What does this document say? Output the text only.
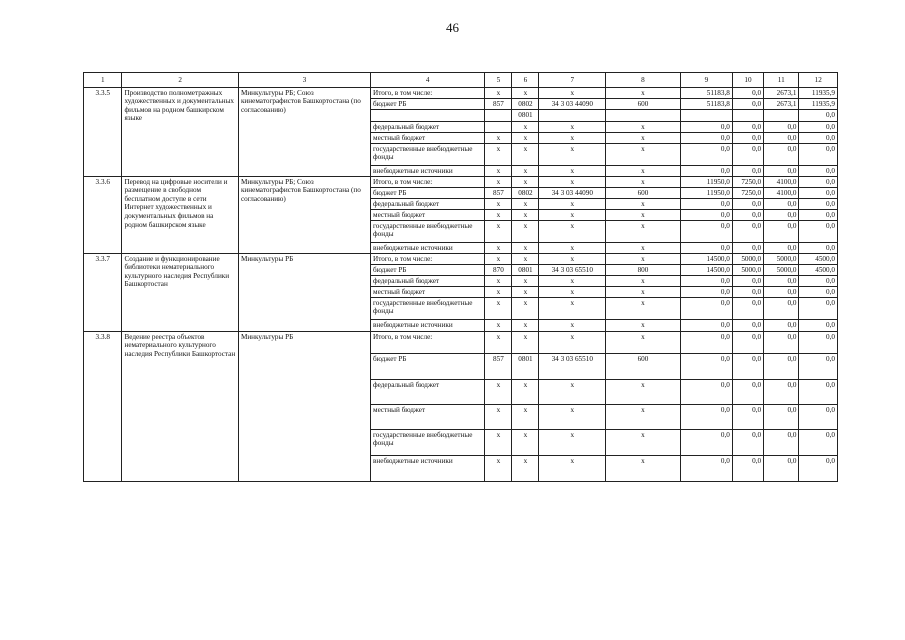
46
1	2	3	4	5	6	7	8	9	10	11	12
3.3.5	Производство полнометражных художественных и документальных фильмов на родном башкирском языке	Минкультуры РБ; Союз кинематографистов Башкортостана (по согласованию)	Итого, в том числе:	х	х	х	х	51183,8	0,0	2673,1	11935,9
			бюджет РБ	857	0802	34 3 03 44090	600	51183,8	0,0	2673,1	11935,9
					0801						0,0
			федеральный бюджет		х	х	х	0,0	0,0	0,0	0,0
			местный бюджет	х	х	х	х	0,0	0,0	0,0	0,0
			государственные внебюджетные фонды	х	х	х	х	0,0	0,0	0,0	0,0
			внебюджетные источники	х	х	х	х	0,0	0,0	0,0	0,0
3.3.6	Перевод на цифровые носители и размещение в свободном бесплатном доступе в сети Интернет художественных и документальных фильмов на родном башкирском языке	Минкультуры РБ; Союз кинематографистов Башкортостана (по согласованию)	Итого, в том числе:	х	х	х	х	11950,0	7250,0	4100,0	0,0
			бюджет РБ	857	0802	34 3 03 44090	600	11950,0	7250,0	4100,0	0,0
			федеральный бюджет	х	х	х	х	0,0	0,0	0,0	0,0
			местный бюджет	х	х	х	х	0,0	0,0	0,0	0,0
			государственные внебюджетные фонды	х	х	х	х	0,0	0,0	0,0	0,0
			внебюджетные источники	х	х	х	х	0,0	0,0	0,0	0,0
3.3.7	Создание и функционирование библиотеки нематериального культурного наследия Республики Башкортостан	Минкультуры РБ	Итого, в том числе:	х	х	х	х	14500,0	5000,0	5000,0	4500,0
			бюджет РБ	870	0801	34 3 03 65510	800	14500,0	5000,0	5000,0	4500,0
			федеральный бюджет	х	х	х	х	0,0	0,0	0,0	0,0
			местный бюджет	х	х	х	х	0,0	0,0	0,0	0,0
			государственные внебюджетные фонды	х	х	х	х	0,0	0,0	0,0	0,0
			внебюджетные источники	х	х	х	х	0,0	0,0	0,0	0,0
3.3.8	Ведение реестра объектов нематериального культурного наследия Республики Башкортостан	Минкультуры РБ	Итого, в том числе:	х	х	х	х	0,0	0,0	0,0	0,0
			бюджет РБ	857	0801	34 3 03 65510	600	0,0	0,0	0,0	0,0
			федеральный бюджет	х	х	х	х	0,0	0,0	0,0	0,0
			местный бюджет	х	х	х	х	0,0	0,0	0,0	0,0
			государственные внебюджетные фонды	х	х	х	х	0,0	0,0	0,0	0,0
			внебюджетные источники	х	х	х	х	0,0	0,0	0,0	0,0
